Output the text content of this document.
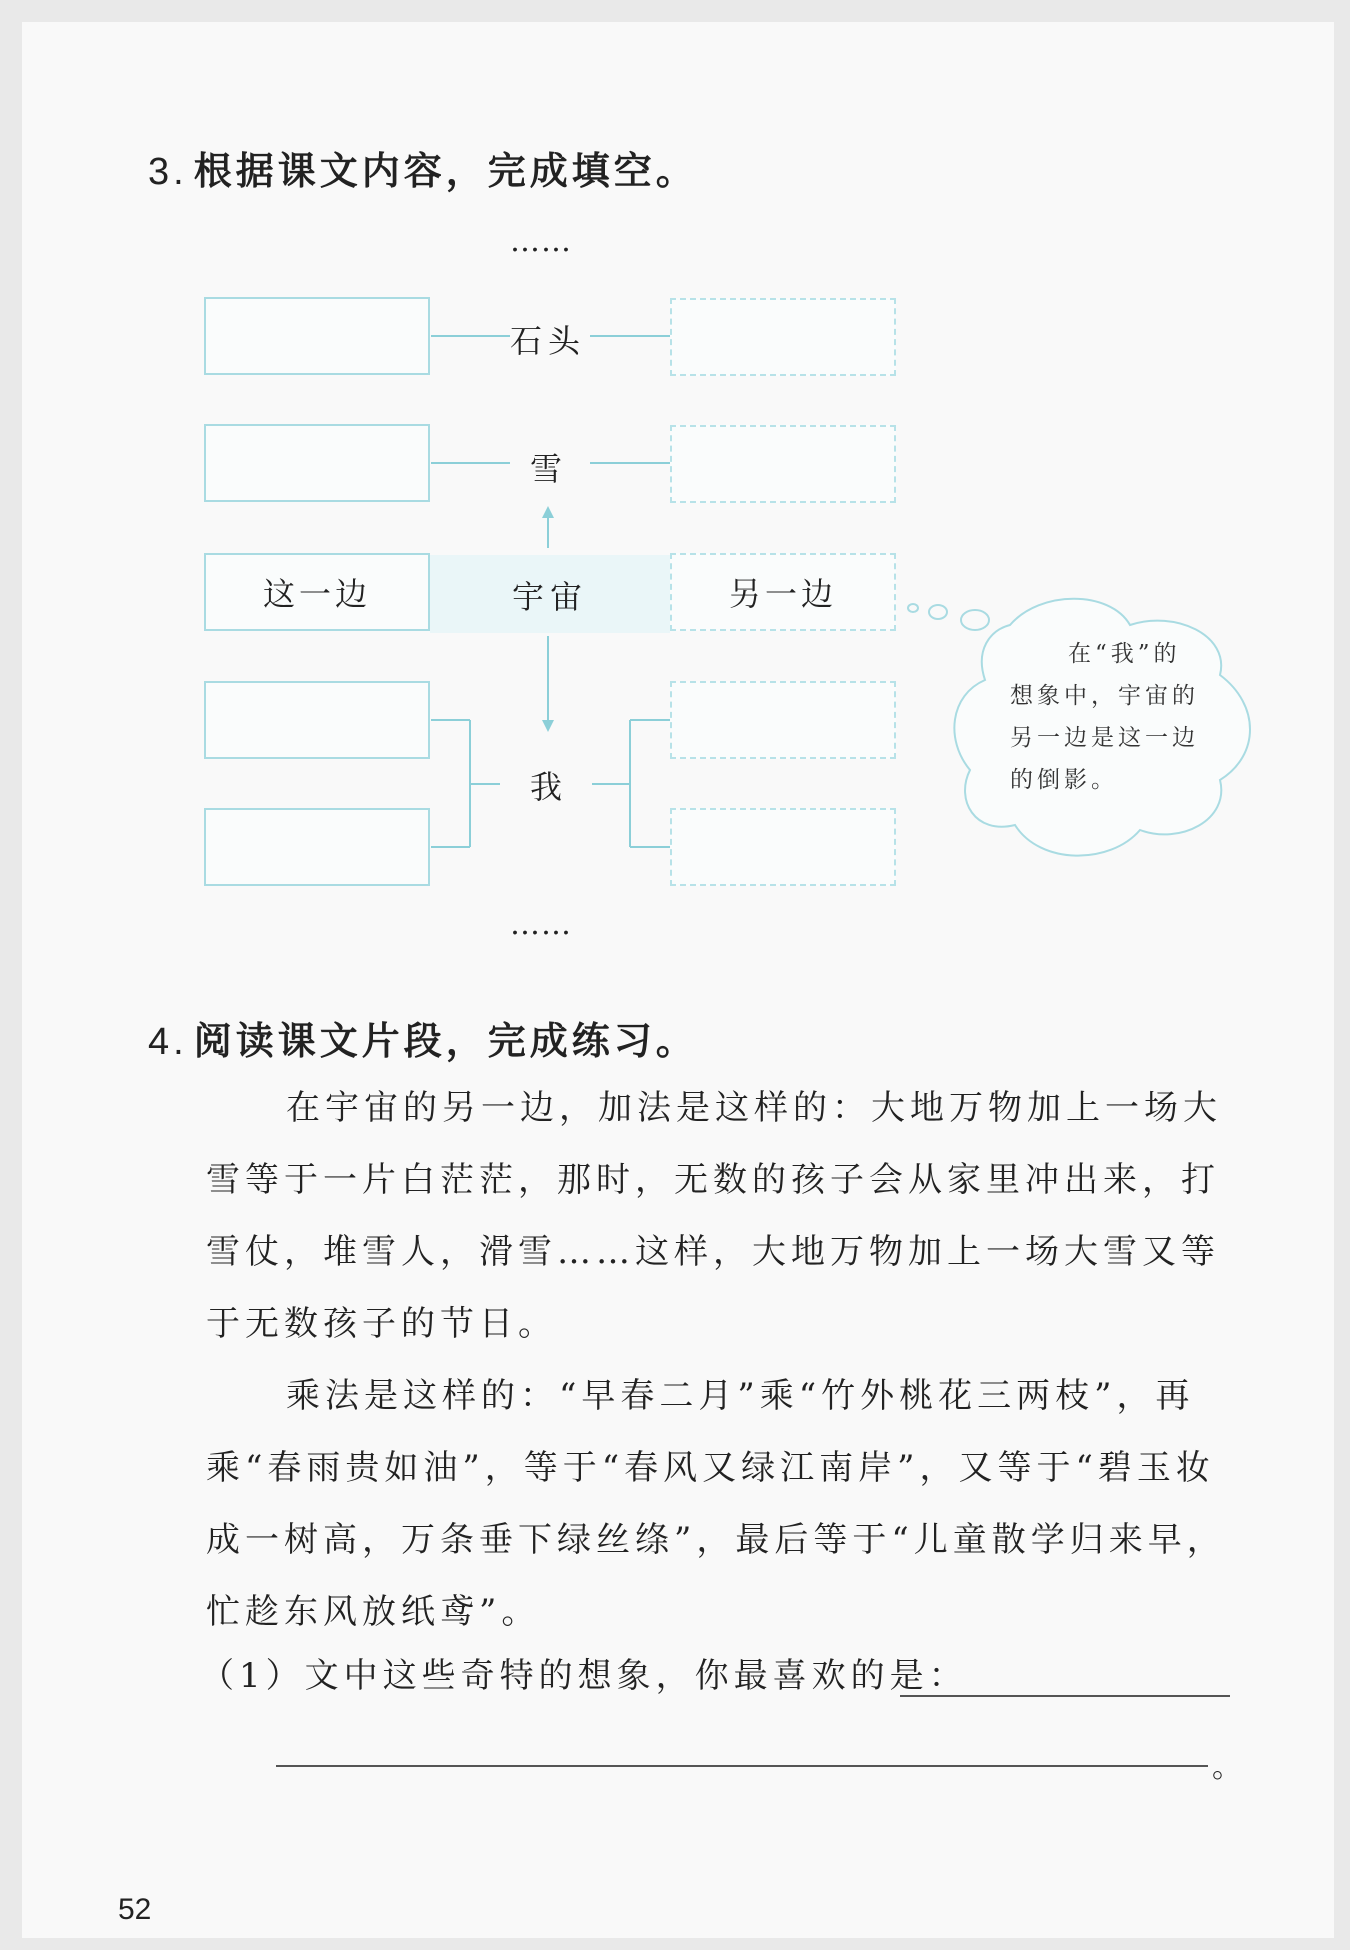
3. 根据课文内容，完成填空。
……
这一边	另一边
石头
雪
宇宙
我
在“我”的
想象中，宇宙的
另一边是这一边
的倒影。
……
4. 阅读课文片段，完成练习。

在宇宙的另一边，加法是这样的：大地万物加上一场大雪等于一片白茫茫，那时，无数的孩子会从家里冲出来，打雪仗，堆雪人，滑雪……这样，大地万物加上一场大雪又等于无数孩子的节日。

乘法是这样的：“早春二月”乘“竹外桃花三两枝”，再乘“春雨贵如油”，等于“春风又绿江南岸”，又等于“碧玉妆成一树高，万条垂下绿丝绦”，最后等于“儿童散学归来早，忙趁东风放纸鸢”。

（1）文中这些奇特的想象，你最喜欢的是：
。
52
